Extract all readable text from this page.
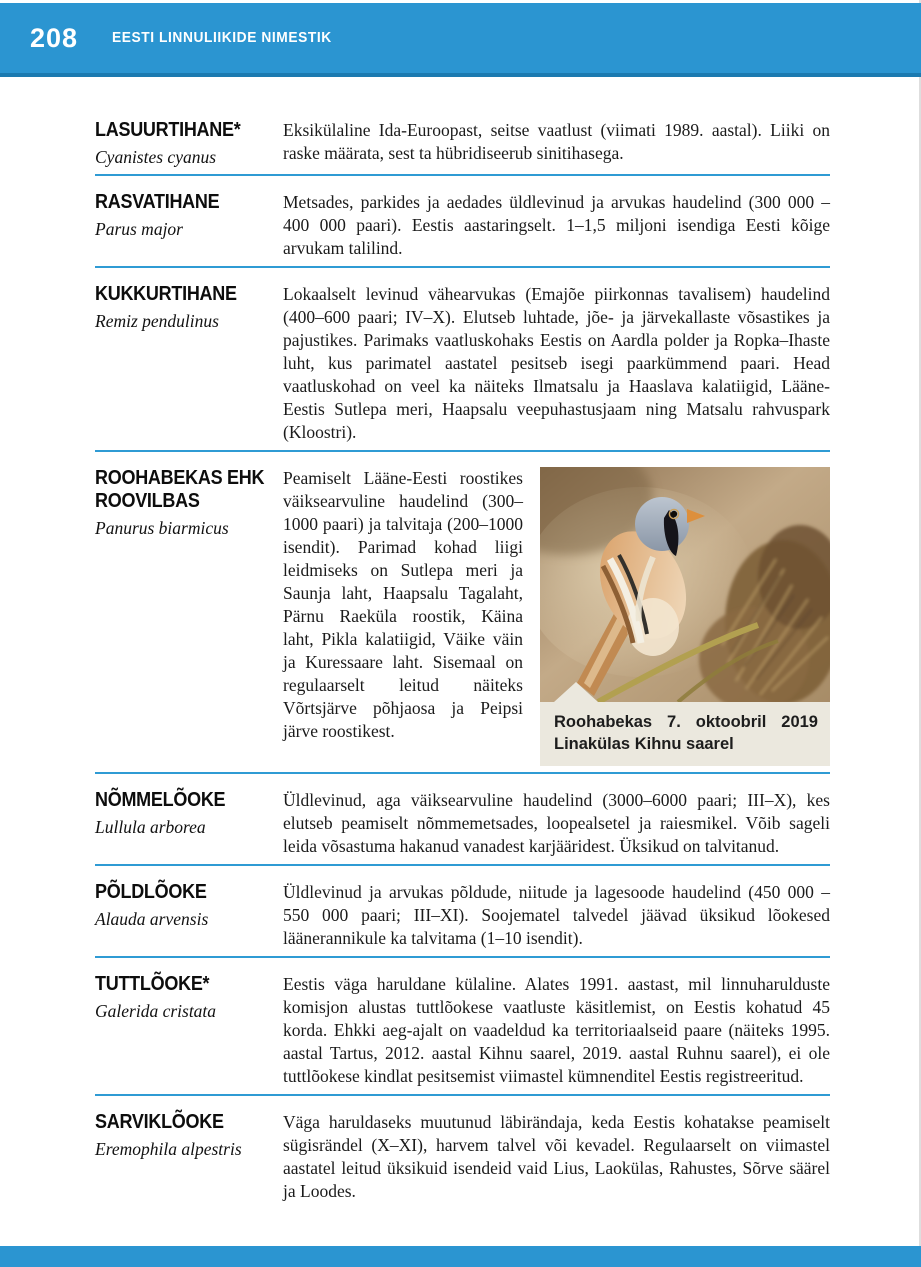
208 EESTI LINNULIIKIDE NIMESTIK
LASUURTIHANE*
Cyanistes cyanus
Eksikülaline Ida-Euroopast, seitse vaatlust (viimati 1989. aastal). Liiki on raske määrata, sest ta hübridiseerub sinitihasega.
RASVATIHANE
Parus major
Metsades, parkides ja aedades üldlevinud ja arvukas haudelind (300 000 – 400 000 paari). Eestis aastaringselt. 1–1,5 miljoni isendiga Eesti kõige arvukam talilind.
KUKKURTIHANE
Remiz pendulinus
Lokaalselt levinud vähearvukas (Emajõe piirkonnas tavalisem) haudelind (400–600 paari; IV–X). Elutseb luhtade, jõe- ja järvekallaste võsastikes ja pajustikes. Parimaks vaatluskohaks Eestis on Aardla polder ja Ropka–Ihaste luht, kus parimatel aastatel pesitseb isegi paarkümmend paari. Head vaatluskohad on veel ka näiteks Ilmatsalu ja Haaslava kalatiigid, Lääne-Eestis Sutlepa meri, Haapsalu veepuhastusjaam ning Matsalu rahvuspark (Kloostri).
ROOHABEKAS EHK ROOVILBAS
Panurus biarmicus
Peamiselt Lääne-Eesti roostikes väiksearvuline haudelind (300–1000 paari) ja talvitaja (200–1000 isendit). Parimad kohad liigi leidmiseks on Sutlepa meri ja Saunja laht, Haapsalu Tagalaht, Pärnu Raeküla roostik, Käina laht, Pikla kalatiigid, Väike väin ja Kuressaare laht. Sisemaal on regulaarselt leitud näiteks Võrtsjärve põhjaosa ja Peipsi järve roostikest.	Roohabekas 7. oktoobril 2019 Linakülas Kihnu saarel
NÕMMELÕOKE
Lullula arborea
Üldlevinud, aga väiksearvuline haudelind (3000–6000 paari; III–X), kes elutseb peamiselt nõmmemetsades, loopealsetel ja raiesmikel. Võib sageli leida võsastuma hakanud vanadest karjääridest. Üksikud on talvitanud.
PÕLDLÕOKE
Alauda arvensis
Üldlevinud ja arvukas põldude, niitude ja lagesoode haudelind (450 000 – 550 000 paari; III–XI). Soojematel talvedel jäävad üksikud lõokesed läänerannikule ka talvitama (1–10 isendit).
TUTTLÕOKE*
Galerida cristata
Eestis väga haruldane külaline. Alates 1991. aastast, mil linnuharulduste komisjon alustas tuttlõokese vaatluste käsitlemist, on Eestis kohatud 45 korda. Ehkki aeg-ajalt on vaadeldud ka territoriaalseid paare (näiteks 1995. aastal Tartus, 2012. aastal Kihnu saarel, 2019. aastal Ruhnu saarel), ei ole tuttlõokese kindlat pesitsemist viimastel kümnenditel Eestis registreeritud.
SARVIKLÕOKE
Eremophila alpestris
Väga haruldaseks muutunud läbirändaja, keda Eestis kohatakse peamiselt sügisrändel (X–XI), harvem talvel või kevadel. Regulaarselt on viimastel aastatel leitud üksikuid isendeid vaid Lius, Laokülas, Rahustes, Sõrve säärel ja Loodes.
